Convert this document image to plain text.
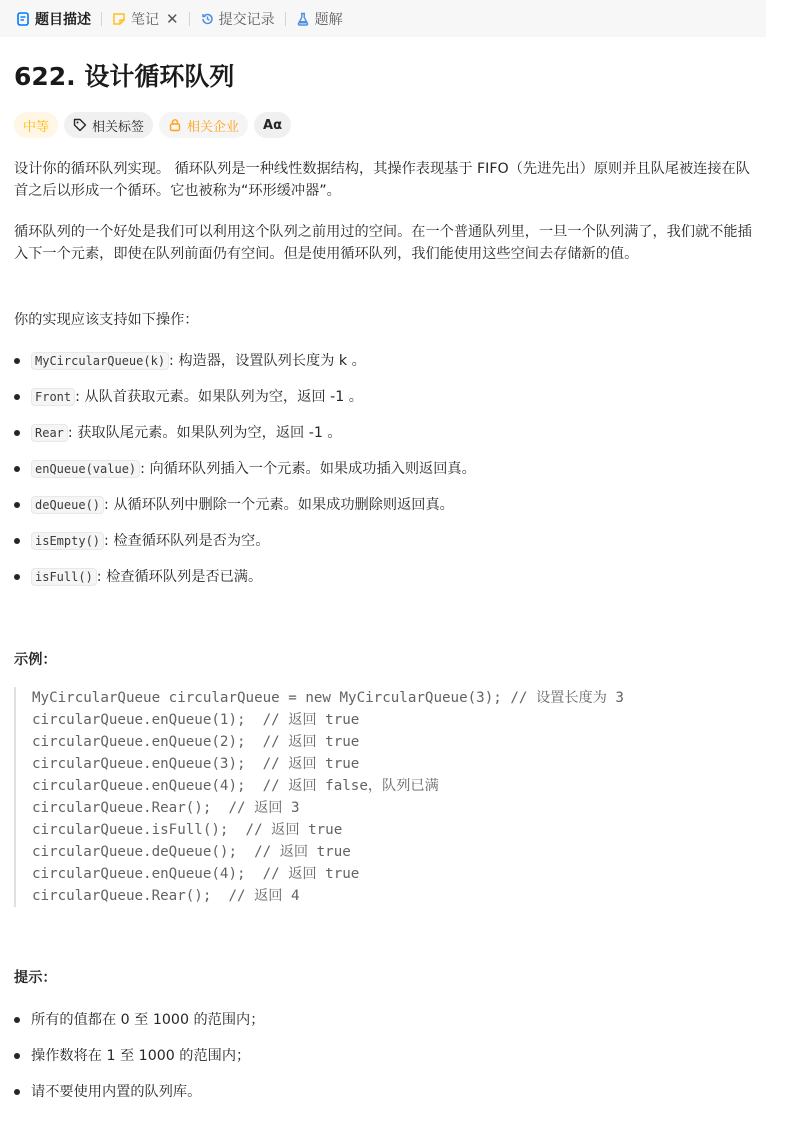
题目描述	笔记 ✕	提交记录	题解
622. 设计循环队列
中等	相关标签	相关企业 Aα

设计你的循环队列实现。 循环队列是一种线性数据结构，其操作表现基于 FIFO（先进先出）原则并且队尾被连接在队首之后以形成一个循环。它也被称为“环形缓冲器”。

循环队列的一个好处是我们可以利用这个队列之前用过的空间。在一个普通队列里，一旦一个队列满了，我们就不能插入下一个元素，即使在队列前面仍有空间。但是使用循环队列，我们能使用这些空间去存储新的值。

你的实现应该支持如下操作：

MyCircularQueue(k) : 构造器，设置队列长度为 k 。
Front : 从队首获取元素。如果队列为空，返回 -1 。
Rear : 获取队尾元素。如果队列为空，返回 -1 。
enQueue(value) : 向循环队列插入一个元素。如果成功插入则返回真。
deQueue() : 从循环队列中删除一个元素。如果成功删除则返回真。
isEmpty() : 检查循环队列是否为空。
isFull() : 检查循环队列是否已满。

示例：

MyCircularQueue circularQueue = new MyCircularQueue(3); // 设置长度为 3
circularQueue.enQueue(1);  // 返回 true
circularQueue.enQueue(2);  // 返回 true
circularQueue.enQueue(3);  // 返回 true
circularQueue.enQueue(4);  // 返回 false，队列已满
circularQueue.Rear();  // 返回 3
circularQueue.isFull();  // 返回 true
circularQueue.deQueue();  // 返回 true
circularQueue.enQueue(4);  // 返回 true
circularQueue.Rear();  // 返回 4

提示：

所有的值都在 0 至 1000 的范围内；
操作数将在 1 至 1000 的范围内；
请不要使用内置的队列库。
